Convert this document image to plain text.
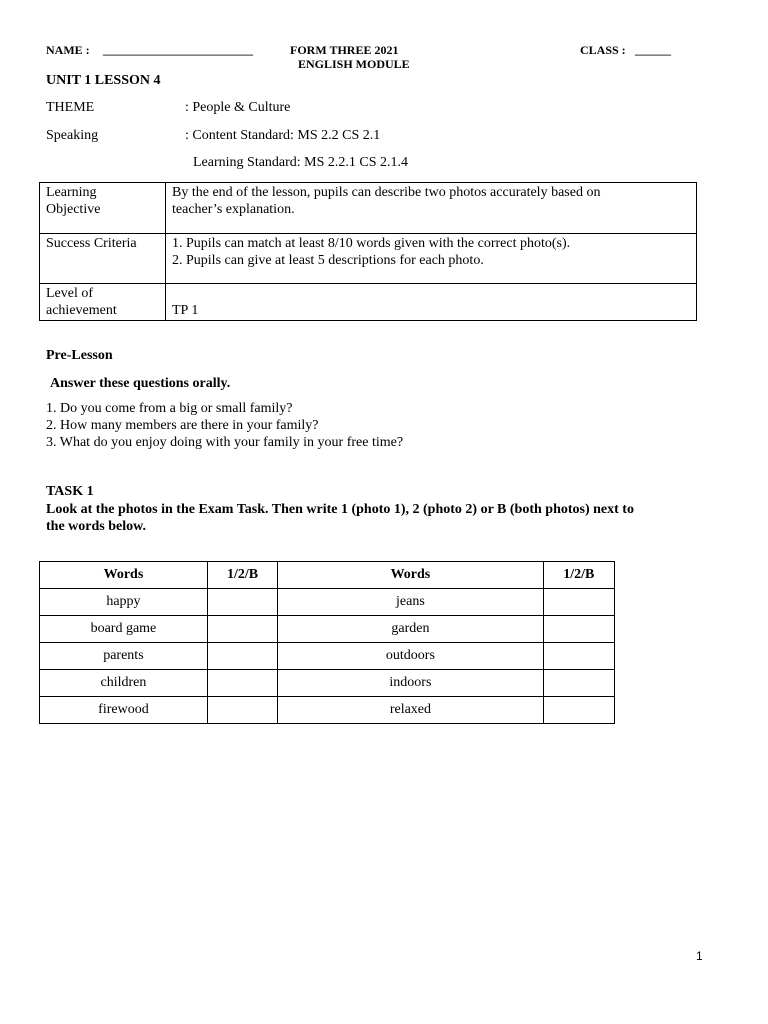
NAME : _________________________	FORM THREE 2021
ENGLISH MODULE
CLASS : ______
UNIT 1 LESSON 4
THEME	: People & Culture
Speaking	: Content Standard: MS 2.2 CS 2.1
Learning Standard: MS 2.2.1 CS 2.1.4
Learning
Objective	By the end of the lesson, pupils can describe two photos accurately based on
teacher’s explanation.

Success Criteria	1. Pupils can match at least 8/10 words given with the correct photo(s).
2. Pupils can give at least 5 descriptions for each photo.

Level of
achievement	TP 1
Pre-Lesson
Answer these questions orally.
1. Do you come from a big or small family?
2. How many members are there in your family?
3. What do you enjoy doing with your family in your free time?
TASK 1
Look at the photos in the Exam Task. Then write 1 (photo 1), 2 (photo 2) or B (both photos) next to
the words below.
Words	1/2/B	Words	1/2/B
happy		jeans	
board game		garden	
parents		outdoors	
children		indoors	
firewood		relaxed	
1
